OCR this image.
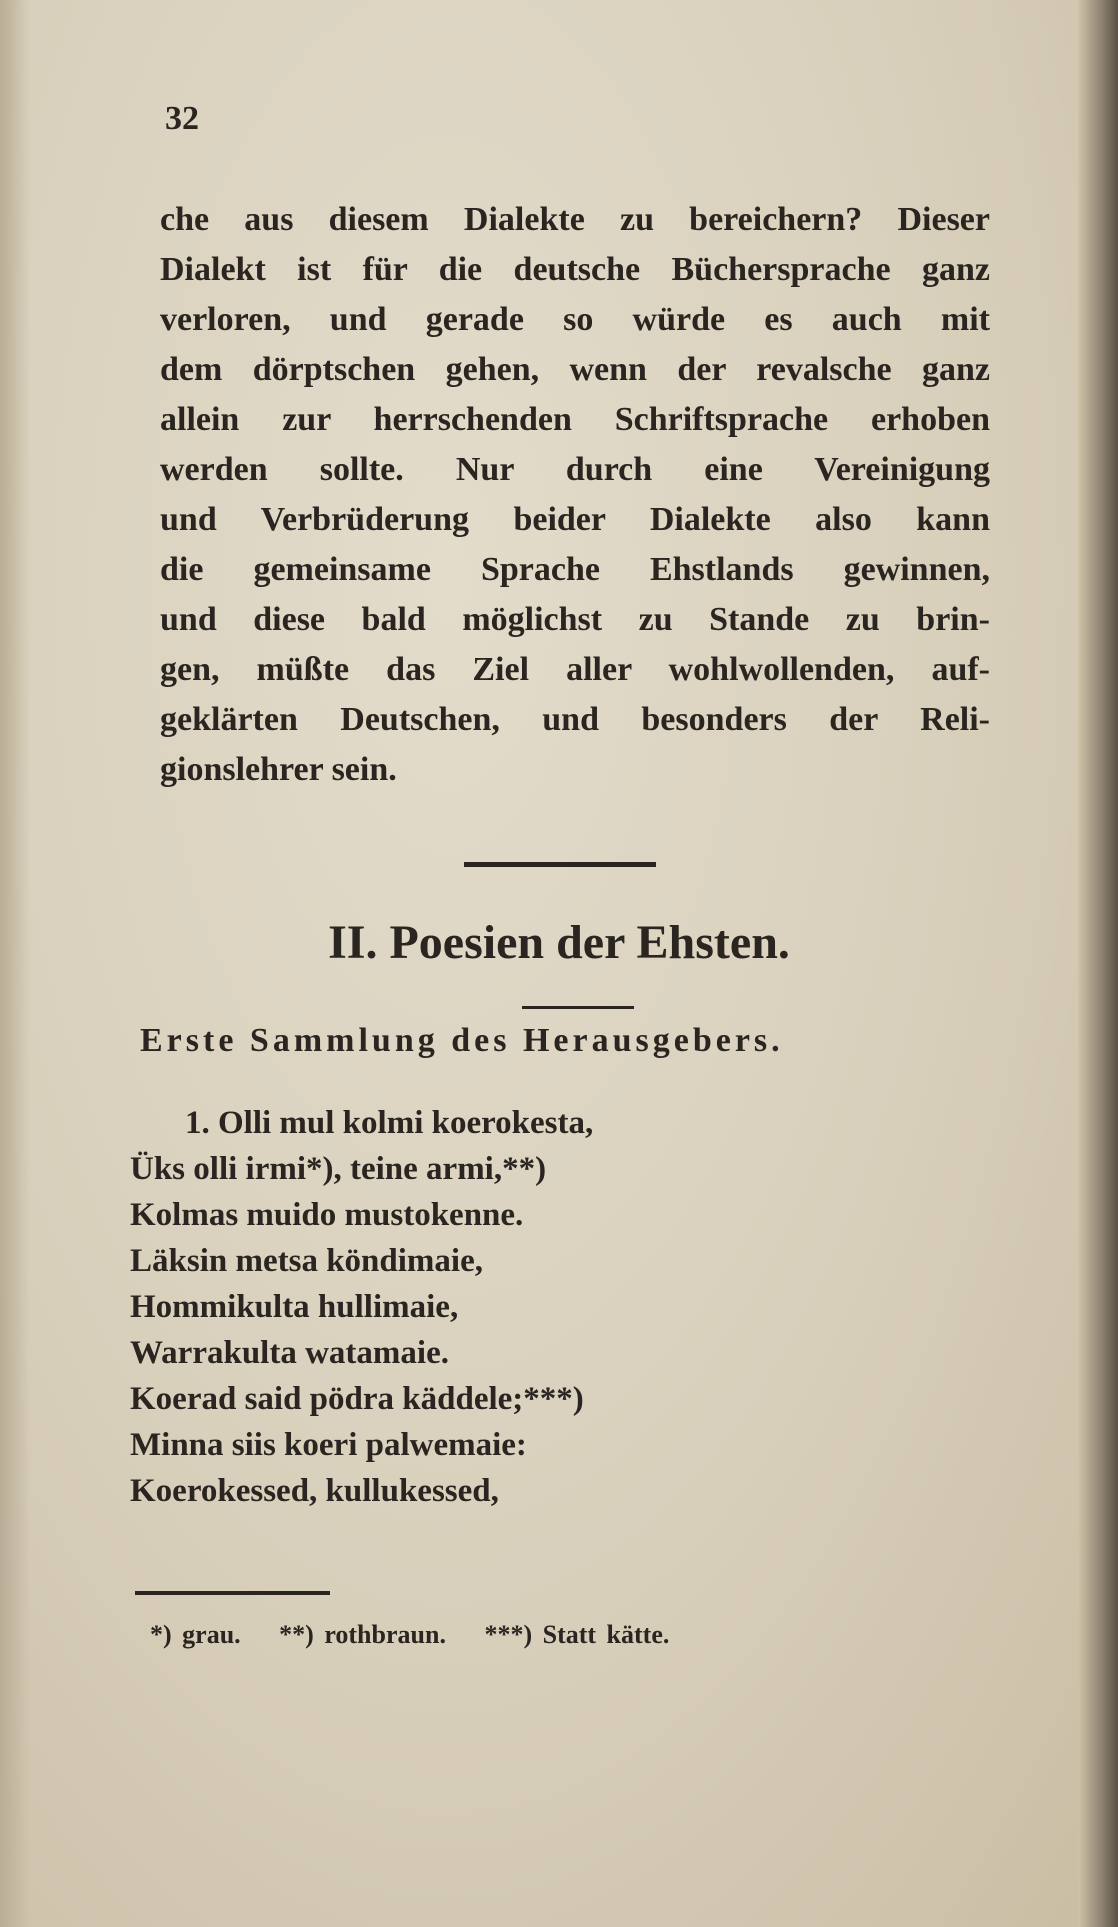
32
che aus diesem Dialekte zu bereichern? Dieser
Dialekt ist für die deutsche Büchersprache ganz
verloren, und gerade so würde es auch mit
dem dörptschen gehen, wenn der revalsche ganz
allein zur herrschenden Schriftsprache erhoben
werden sollte. Nur durch eine Vereinigung
und Verbrüderung beider Dialekte also kann
die gemeinsame Sprache Ehstlands gewinnen,
und diese bald möglichst zu Stande zu brin-
gen, müßte das Ziel aller wohlwollenden, auf-
geklärten Deutschen, und besonders der Reli-
gionslehrer sein.
II. Poesien der Ehsten.
Erste Sammlung des Herausgebers.
1. Olli mul kolmi koerokesta,
Üks olli irmi*), teine armi,**)
Kolmas muido mustokenne.
Läksin metsa köndimaie,
Hommikulta hullimaie,
Warrakulta watamaie.
Koerad said pödra käddele;***)
Minna siis koeri palwemaie:
Koerokessed, kullukessed,
*) grau. **) rothbraun. ***) Statt kätte.
